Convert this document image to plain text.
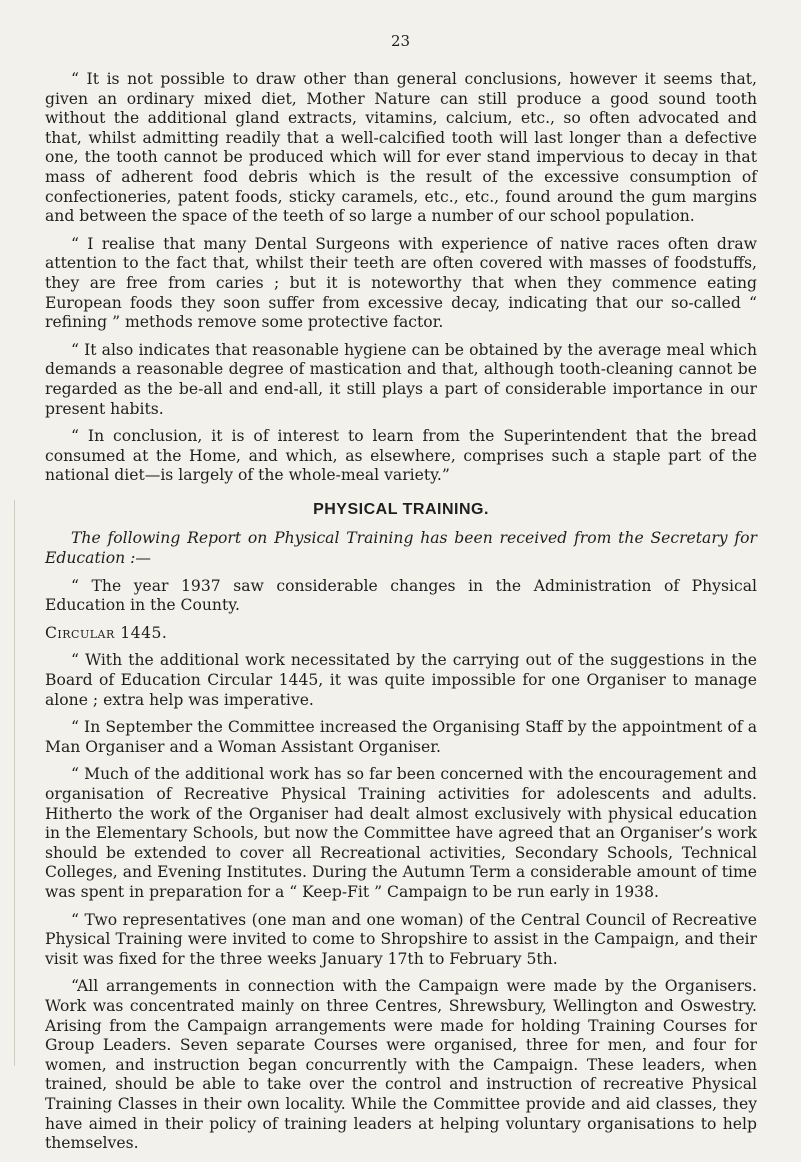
23

“ It is not possible to draw other than general conclusions, however it seems that, given an ordinary mixed diet, Mother Nature can still produce a good sound tooth without the additional gland extracts, vitamins, calcium, etc., so often advocated and that, whilst admitting readily that a well-calcified tooth will last longer than a defective one, the tooth cannot be produced which will for ever stand impervious to decay in that mass of adherent food debris which is the result of the excessive consumption of confectioneries, patent foods, sticky caramels, etc., etc., found around the gum margins and between the space of the teeth of so large a number of our school population.

“ I realise that many Dental Surgeons with experience of native races often draw attention to the fact that, whilst their teeth are often covered with masses of foodstuffs, they are free from caries ; but it is noteworthy that when they commence eating European foods they soon suffer from excessive decay, indicating that our so-called “ refining ” methods remove some protective factor.

“ It also indicates that reasonable hygiene can be obtained by the average meal which demands a reasonable degree of mastication and that, although tooth-cleaning cannot be regarded as the be-all and end-all, it still plays a part of considerable importance in our present habits.

“ In conclusion, it is of interest to learn from the Superintendent that the bread consumed at the Home, and which, as elsewhere, comprises such a staple part of the national diet—is largely of the whole-meal variety.”

PHYSICAL TRAINING.

The following Report on Physical Training has been received from the Secretary for Education :—

“ The year 1937 saw considerable changes in the Administration of Physical Education in the County.

Circular 1445.

“ With the additional work necessitated by the carrying out of the suggestions in the Board of Education Circular 1445, it was quite impossible for one Organiser to manage alone ; extra help was imperative.

“ In September the Committee increased the Organising Staff by the appointment of a Man Organiser and a Woman Assistant Organiser.

“ Much of the additional work has so far been concerned with the encouragement and organisation of Recreative Physical Training activities for adolescents and adults. Hitherto the work of the Organiser had dealt almost exclusively with physical education in the Elementary Schools, but now the Committee have agreed that an Organiser’s work should be extended to cover all Recreational activities, Secondary Schools, Technical Colleges, and Evening Institutes. During the Autumn Term a considerable amount of time was spent in preparation for a “ Keep-Fit ” Campaign to be run early in 1938.

“ Two representatives (one man and one woman) of the Central Council of Recreative Physical Training were invited to come to Shropshire to assist in the Campaign, and their visit was fixed for the three weeks January 17th to February 5th.

“All arrangements in connection with the Campaign were made by the Organisers. Work was concentrated mainly on three Centres, Shrewsbury, Wellington and Oswestry. Arising from the Campaign arrangements were made for holding Training Courses for Group Leaders. Seven separate Courses were organised, three for men, and four for women, and instruction began concurrently with the Campaign. These leaders, when trained, should be able to take over the control and instruction of recreative Physical Training Classes in their own locality. While the Committee provide and aid classes, they have aimed in their policy of training leaders at helping voluntary organisations to help themselves.
